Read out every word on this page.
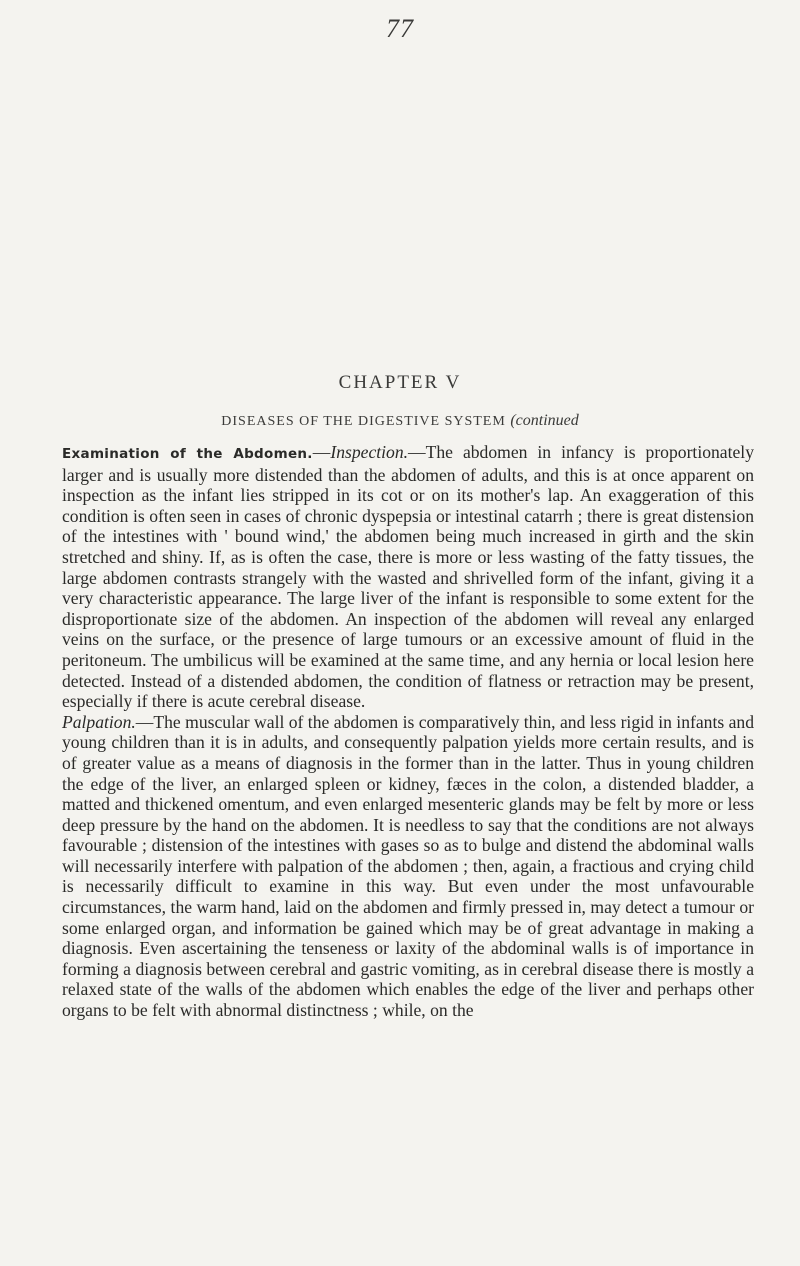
77
CHAPTER V
DISEASES OF THE DIGESTIVE SYSTEM (continued

Examination of the Abdomen.—Inspection.—The abdomen in infancy is proportionately larger and is usually more distended than the abdomen of adults, and this is at once apparent on inspection as the infant lies stripped in its cot or on its mother's lap. An exaggeration of this condition is often seen in cases of chronic dyspepsia or intestinal catarrh ; there is great distension of the intestines with ' bound wind,' the abdomen being much increased in girth and the skin stretched and shiny. If, as is often the case, there is more or less wasting of the fatty tissues, the large abdomen contrasts strangely with the wasted and shrivelled form of the infant, giving it a very characteristic appearance. The large liver of the infant is responsible to some extent for the disproportionate size of the abdomen. An inspection of the abdomen will reveal any enlarged veins on the surface, or the presence of large tumours or an excessive amount of fluid in the peritoneum. The umbilicus will be examined at the same time, and any hernia or local lesion here detected. Instead of a distended abdomen, the condition of flatness or retraction may be present, especially if there is acute cerebral disease.

Palpation.—The muscular wall of the abdomen is comparatively thin, and less rigid in infants and young children than it is in adults, and consequently palpation yields more certain results, and is of greater value as a means of diagnosis in the former than in the latter. Thus in young children the edge of the liver, an enlarged spleen or kidney, fæces in the colon, a distended bladder, a matted and thickened omentum, and even enlarged mesenteric glands may be felt by more or less deep pressure by the hand on the abdomen. It is needless to say that the conditions are not always favourable ; distension of the intestines with gases so as to bulge and distend the abdominal walls will necessarily interfere with palpation of the abdomen ; then, again, a fractious and crying child is necessarily difficult to examine in this way. But even under the most unfavourable circumstances, the warm hand, laid on the abdomen and firmly pressed in, may detect a tumour or some enlarged organ, and information be gained which may be of great advantage in making a diagnosis. Even ascertaining the tenseness or laxity of the abdominal walls is of importance in forming a diagnosis between cerebral and gastric vomiting, as in cerebral disease there is mostly a relaxed state of the walls of the abdomen which enables the edge of the liver and perhaps other organs to be felt with abnormal distinctness ; while, on the
